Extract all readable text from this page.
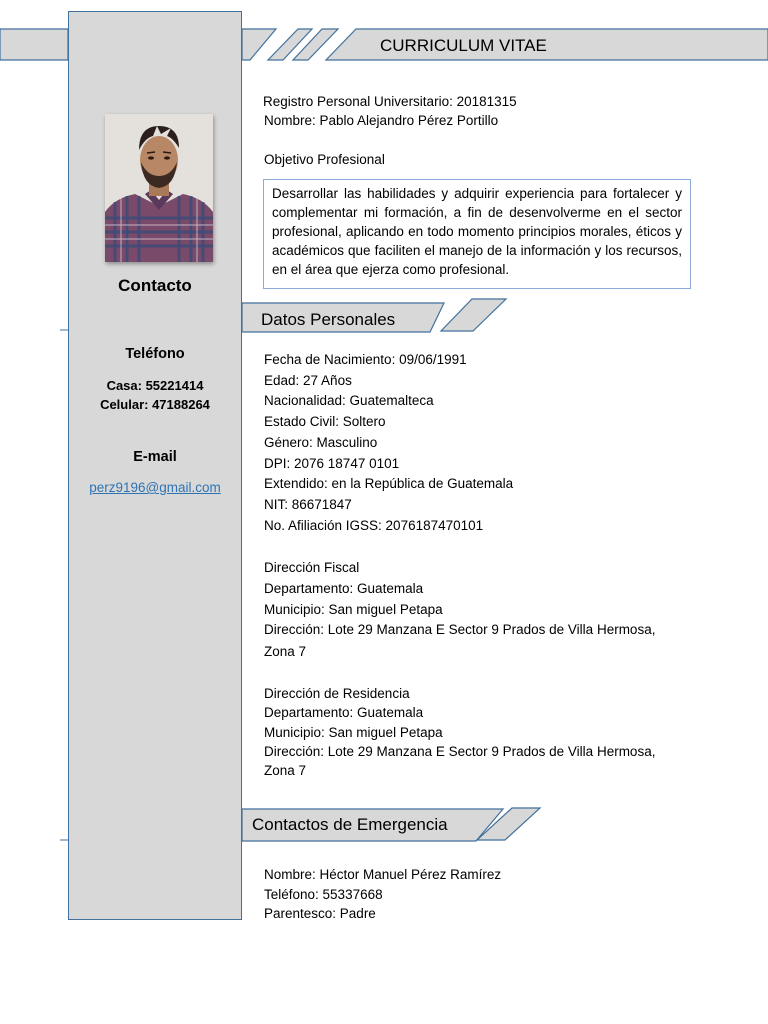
CURRICULUM VITAE
Registro Personal Universitario: 20181315
Nombre: Pablo Alejandro Pérez Portillo
Objetivo Profesional
Desarrollar las habilidades y adquirir experiencia para fortalecer y complementar mi formación, a fin de desenvolverme en el sector profesional, aplicando en todo momento principios morales, éticos y académicos que faciliten el manejo de la información y los recursos, en el área que ejerza como profesional.
Contacto
Teléfono
Casa: 55221414
Celular: 47188264
E-mail
perz9196@gmail.com
Datos Personales
Fecha de Nacimiento: 09/06/1991
Edad: 27 Años
Nacionalidad: Guatemalteca
Estado Civil: Soltero
Género: Masculino
DPI: 2076 18747 0101
Extendido: en la República de Guatemala
NIT: 86671847
No. Afiliación IGSS: 2076187470101
Dirección Fiscal
Departamento: Guatemala
Municipio: San miguel Petapa
Dirección: Lote 29 Manzana E Sector 9 Prados de Villa Hermosa,
Zona 7
Dirección de Residencia
Departamento: Guatemala
Municipio: San miguel Petapa
Dirección: Lote 29 Manzana E Sector 9 Prados de Villa Hermosa,
Zona 7
Contactos de Emergencia
Nombre: Héctor Manuel Pérez Ramírez
Teléfono: 55337668
Parentesco: Padre
